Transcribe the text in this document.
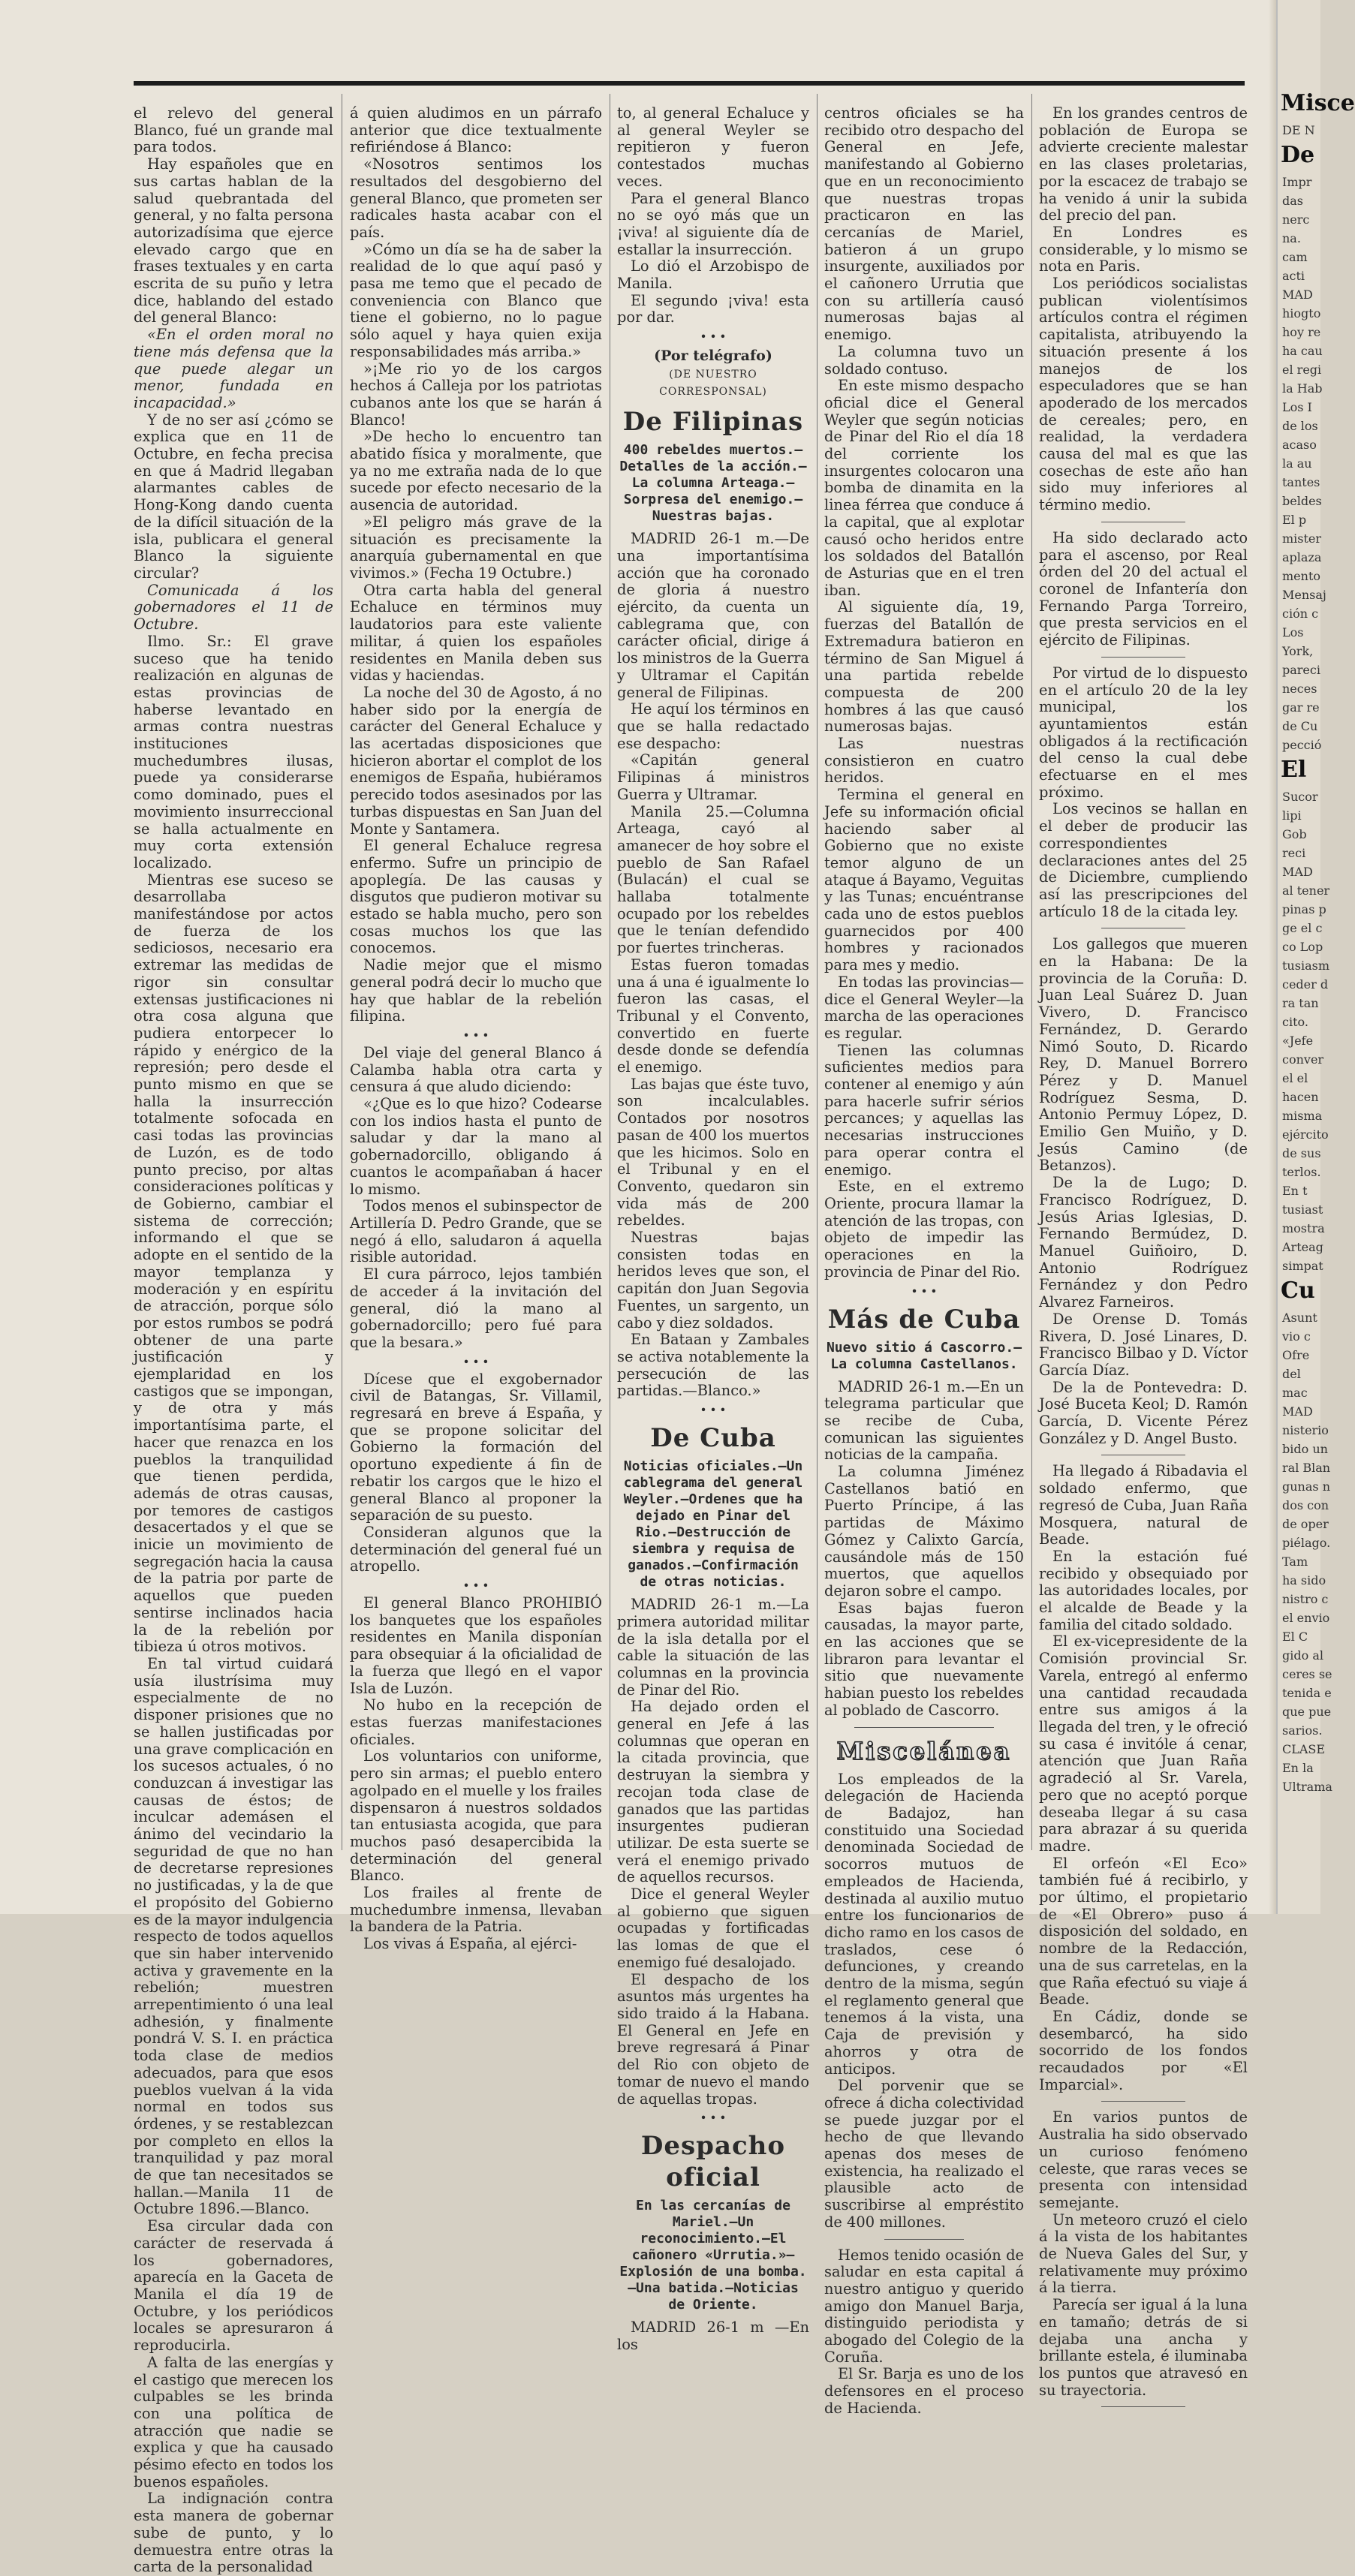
el relevo del general Blanco, fué un grande mal para todos.

Hay españoles que en sus cartas hablan de la salud quebrantada del general, y no falta persona autorizadísima que ejerce elevado cargo que en frases textuales y en carta escrita de su puño y letra dice, hablando del estado del general Blanco:

«En el orden moral no tiene más defensa que la que puede alegar un menor, fundada en incapacidad.»

Y de no ser así ¿cómo se explica que en 11 de Octubre, en fecha precisa en que á Madrid llegaban alarmantes cables de Hong-Kong dando cuenta de la difícil situación de la isla, publicara el general Blanco la siguiente circular?

Comunicada á los gobernadores el 11 de Octubre.

Ilmo. Sr.: El grave suceso que ha tenido realización en algunas de estas provincias de haberse levantado en armas contra nuestras instituciones muchedumbres ilusas, puede ya considerarse como dominado, pues el movimiento insurreccional se halla actualmente en muy corta extensión localizado.

Mientras ese suceso se desarrollaba manifestándose por actos de fuerza de los sediciosos, necesario era extremar las medidas de rigor sin consultar extensas justificaciones ni otra cosa alguna que pudiera entorpecer lo rápido y enérgico de la represión; pero desde el punto mismo en que se halla la insurrección totalmente sofocada en casi todas las provincias de Luzón, es de todo punto preciso, por altas consideraciones políticas y de Gobierno, cambiar el sistema de corrección; informando el que se adopte en el sentido de la mayor templanza y moderación y en espíritu de atracción, porque sólo por estos rumbos se podrá obtener de una parte justificación y ejemplaridad en los castigos que se impongan, y de otra y más importantísima parte, el hacer que renazca en los pueblos la tranquilidad que tienen perdida, además de otras causas, por temores de castigos desacertados y el que se inicie un movimiento de segregación hacia la causa de la patria por parte de aquellos que pueden sentirse inclinados hacia la de la rebelión por tibieza ú otros motivos.

En tal virtud cuidará usía ilustrísima muy especialmente de no disponer prisiones que no se hallen justificadas por una grave complicación en los sucesos actuales, ó no conduzcan á investigar las causas de éstos; de inculcar ademásen el ánimo del vecindario la seguridad de que no han de decretarse represiones no justificadas, y la de que el propósito del Gobierno es de la mayor indulgencia respecto de todos aquellos que sin haber intervenido activa y gravemente en la rebelión; muestren arrepentimiento ó una leal adhesión, y finalmente pondrá V. S. I. en práctica toda clase de medios adecuados, para que esos pueblos vuelvan á la vida normal en todos sus órdenes, y se restablezcan por completo en ellos la tranquilidad y paz moral de que tan necesitados se hallan.—Manila 11 de Octubre 1896.—Blanco.

Esa circular dada con carácter de reservada á los gobernadores, aparecía en la Gaceta de Manila el día 19 de Octubre, y los periódicos locales se apresuraron á reproducirla.

A falta de las energías y el castigo que merecen los culpables se les brinda con una política de atracción que nadie se explica y que ha causado pésimo efecto en todos los buenos españoles.

La indignación contra esta manera de gobernar sube de punto, y lo demuestra entre otras la carta de la personalidad

á quien aludimos en un párrafo anterior que dice textualmente refiriéndose á Blanco:

«Nosotros sentimos los resultados del desgobierno del general Blanco, que prometen ser radicales hasta acabar con el país.

»Cómo un día se ha de saber la realidad de lo que aquí pasó y pasa me temo que el pecado de conveniencia con Blanco que tiene el gobierno, no lo pague sólo aquel y haya quien exija responsabilidades más arriba.»

»¡Me rio yo de los cargos hechos á Calleja por los patriotas cubanos ante los que se harán á Blanco!

»De hecho lo encuentro tan abatido física y moralmente, que ya no me extraña nada de lo que sucede por efecto necesario de la ausencia de autoridad.

»El peligro más grave de la situación es precisamente la anarquía gubernamental en que vivimos.» (Fecha 19 Octubre.)

Otra carta habla del general Echaluce en términos muy laudatorios para este valiente militar, á quien los españoles residentes en Manila deben sus vidas y haciendas.

La noche del 30 de Agosto, á no haber sido por la energía de carácter del General Echaluce y las acertadas disposiciones que hicieron abortar el complot de los enemigos de España, hubiéramos perecido todos asesinados por las turbas dispuestas en San Juan del Monte y Santamera.

El general Echaluce regresa enfermo. Sufre un principio de apoplegía. De las causas y disgutos que pudieron motivar su estado se habla mucho, pero son cosas muchos los que las conocemos.

Nadie mejor que el mismo general podrá decir lo mucho que hay que hablar de la rebelión filipina.

∙ ∙ ∙

Del viaje del general Blanco á Calamba habla otra carta y censura á que aludo diciendo:

«¿Que es lo que hizo? Codearse con los indios hasta el punto de saludar y dar la mano al gobernadorcillo, obligando á cuantos le acompañaban á hacer lo mismo.

Todos menos el subinspector de Artillería D. Pedro Grande, que se negó á ello, saludaron á aquella risible autoridad.

El cura párroco, lejos también de acceder á la invitación del general, dió la mano al gobernadorcillo; pero fué para que la besara.»

∙ ∙ ∙

Dícese que el exgobernador civil de Batangas, Sr. Villamil, regresará en breve á España, y que se propone solicitar del Gobierno la formación del oportuno expediente á fin de rebatir los cargos que le hizo el general Blanco al proponer la separación de su puesto.

Consideran algunos que la determinación del general fué un atropello.

∙ ∙ ∙

El general Blanco PROHIBIÓ los banquetes que los españoles residentes en Manila disponían para obsequiar á la oficialidad de la fuerza que llegó en el vapor Isla de Luzón.

No hubo en la recepción de estas fuerzas manifestaciones oficiales.

Los voluntarios con uniforme, pero sin armas; el pueblo entero agolpado en el muelle y los frailes dispensaron á nuestros soldados tan entusiasta acogida, que para muchos pasó desapercibida la determinación del general Blanco.

Los frailes al frente de muchedumbre inmensa, llevaban la bandera de la Patria.

Los vivas á España, al ejérci-

to, al general Echaluce y al general Weyler se repitieron y fueron contestados muchas veces.

Para el general Blanco no se oyó más que un ¡viva! al siguiente día de estallar la insurrección.

Lo dió el Arzobispo de Manila.

El segundo ¡viva! esta por dar.

∙ ∙ ∙
(Por telégrafo)
(DE NUESTRO CORRESPONSAL)
De Filipinas
400 rebeldes muertos.—Detalles de la acción.—La columna Arteaga.—Sorpresa del enemigo.—Nuestras bajas.

MADRID 26-1 m.—De una importantísima acción que ha coronado de gloria á nuestro ejército, da cuenta un cablegrama que, con carácter oficial, dirige á los ministros de la Guerra y Ultramar el Capitán general de Filipinas.

He aquí los términos en que se halla redactado ese despacho:

«Capitán general Filipinas á ministros Guerra y Ultramar.

Manila 25.—Columna Arteaga, cayó al amanecer de hoy sobre el pueblo de San Rafael (Bulacán) el cual se hallaba totalmente ocupado por los rebeldes que le tenían defendido por fuertes trincheras.

Estas fueron tomadas una á una é igualmente lo fueron las casas, el Tribunal y el Convento, convertido en fuerte desde donde se defendía el enemigo.

Las bajas que éste tuvo, son incalculables. Contados por nosotros pasan de 400 los muertos que les hicimos. Solo en el Tribunal y en el Convento, quedaron sin vida más de 200 rebeldes.

Nuestras bajas consisten todas en heridos leves que son, el capitán don Juan Segovia Fuentes, un sargento, un cabo y diez soldados.

En Bataan y Zambales se activa notablemente la persecución de las partidas.—Blanco.»

∙ ∙ ∙
De Cuba
Noticias oficiales.—Un cablegrama del general Weyler.—Ordenes que ha dejado en Pinar del Rio.—Destrucción de siembra y requisa de ganados.—Confirmación de otras noticias.

MADRID 26-1 m.—La primera autoridad militar de la isla detalla por el cable la situación de las columnas en la provincia de Pinar del Rio.

Ha dejado orden el general en Jefe á las columnas que operan en la citada provincia, que destruyan la siembra y recojan toda clase de ganados que las partidas insurgentes pudieran utilizar. De esta suerte se verá el enemigo privado de aquellos recursos.

Dice el general Weyler al gobierno que siguen ocupadas y fortificadas las lomas de que el enemigo fué desalojado.

El despacho de los asuntos más urgentes ha sido traido á la Habana. El General en Jefe en breve regresará á Pinar del Rio con objeto de tomar de nuevo el mando de aquellas tropas.

∙ ∙ ∙
Despacho oficial
En las cercanías de Mariel.—Un reconocimiento.—El cañonero «Urrutia.»—Explosión de una bomba.—Una batida.—Noticias de Oriente.

MADRID 26-1 m —En los

centros oficiales se ha recibido otro despacho del General en Jefe, manifestando al Gobierno que en un reconocimiento que nuestras tropas practicaron en las cercanías de Mariel, batieron á un grupo insurgente, auxiliados por el cañonero Urrutia que con su artillería causó numerosas bajas al enemigo.

La columna tuvo un soldado contuso.

En este mismo despacho oficial dice el General Weyler que según noticias de Pinar del Rio el día 18 del corriente los insurgentes colocaron una bomba de dinamita en la linea férrea que conduce á la capital, que al explotar causó ocho heridos entre los soldados del Batallón de Asturias que en el tren iban.

Al siguiente día, 19, fuerzas del Batallón de Extremadura batieron en término de San Miguel á una partida rebelde compuesta de 200 hombres á las que causó numerosas bajas.

Las nuestras consistieron en cuatro heridos.

Termina el general en Jefe su información oficial haciendo saber al Gobierno que no existe temor alguno de un ataque á Bayamo, Veguitas y las Tunas; encuéntranse cada uno de estos pueblos guarnecidos por 400 hombres y racionados para mes y medio.

En todas las provincias—dice el General Weyler—la marcha de las operaciones es regular.

Tienen las columnas suficientes medios para contener al enemigo y aún para hacerle sufrir sérios percances; y aquellas las necesarias instrucciones para operar contra el enemigo.

Este, en el extremo Oriente, procura llamar la atención de las tropas, con objeto de impedir las operaciones en la provincia de Pinar del Rio.

∙ ∙ ∙
Más de Cuba
Nuevo sitio á Cascorro.—La columna Castellanos.

MADRID 26-1 m.—En un telegrama particular que se recibe de Cuba, comunican las siguientes noticias de la campaña.

La columna Jiménez Castellanos batió en Puerto Príncipe, á las partidas de Máximo Gómez y Calixto García, causándole más de 150 muertos, que aquellos dejaron sobre el campo.

Esas bajas fueron causadas, la mayor parte, en las acciones que se libraron para levantar el sitio que nuevamente habian puesto los rebeldes al poblado de Cascorro.

Miscelánea

Los empleados de la delegación de Hacienda de Badajoz, han constituido una Sociedad denominada Sociedad de socorros mutuos de empleados de Hacienda, destinada al auxilio mutuo entre los funcionarios de dicho ramo en los casos de traslados, cese ó defunciones, y creando dentro de la misma, según el reglamento general que tenemos á la vista, una Caja de previsión y ahorros y otra de anticipos.

Del porvenir que se ofrece á dicha colectividad se puede juzgar por el hecho de que llevando apenas dos meses de existencia, ha realizado el plausible acto de suscribirse al empréstito de 400 millones.

Hemos tenido ocasión de saludar en esta capital á nuestro antiguo y querido amigo don Manuel Barja, distinguido periodista y abogado del Colegio de la Coruña.

El Sr. Barja es uno de los defensores en el proceso de Hacienda.

En los grandes centros de población de Europa se advierte creciente malestar en las clases proletarias, por la escacez de trabajo se ha venido á unir la subida del precio del pan.

En Londres es considerable, y lo mismo se nota en Paris.

Los periódicos socialistas publican violentísimos artículos contra el régimen capitalista, atribuyendo la situación presente á los manejos de los especuladores que se han apoderado de los mercados de cereales; pero, en realidad, la verdadera causa del mal es que las cosechas de este año han sido muy inferiores al término medio.

Ha sido declarado acto para el ascenso, por Real órden del 20 del actual el coronel de Infantería don Fernando Parga Torreiro, que presta servicios en el ejército de Filipinas.

Por virtud de lo dispuesto en el artículo 20 de la ley municipal, los ayuntamientos están obligados á la rectificación del censo la cual debe efectuarse en el mes próximo.

Los vecinos se hallan en el deber de producir las correspondientes declaraciones antes del 25 de Diciembre, cumpliendo así las prescripciones del artículo 18 de la citada ley.

Los gallegos que mueren en la Habana: De la provincia de la Coruña: D. Juan Leal Suárez D. Juan Vivero, D. Francisco Fernández, D. Gerardo Nimó Souto, D. Ricardo Rey, D. Manuel Borrero Pérez y D. Manuel Rodríguez Sesma, D. Antonio Permuy López, D. Emilio Gen Muiño, y D. Jesús Camino (de Betanzos).

De la de Lugo; D. Francisco Rodríguez, D. Jesús Arias Iglesias, D. Fernando Bermúdez, D. Manuel Guiñoiro, D. Antonio Rodríguez Fernández y don Pedro Alvarez Farneiros.

De Orense D. Tomás Rivera, D. José Linares, D. Francisco Bilbao y D. Víctor García Díaz.

De la de Pontevedra: D. José Buceta Keol; D. Ramón García, D. Vicente Pérez González y D. Angel Busto.

Ha llegado á Ribadavia el soldado enfermo, que regresó de Cuba, Juan Raña Mosquera, natural de Beade.

En la estación fué recibido y obsequiado por las autoridades locales, por el alcalde de Beade y la familia del citado soldado.

El ex-vicepresidente de la Comisión provincial Sr. Varela, entregó al enfermo una cantidad recaudada entre sus amigos á la llegada del tren, y le ofreció su casa é invitóle á cenar, atención que Juan Raña agradeció al Sr. Varela, pero que no aceptó porque deseaba llegar á su casa para abrazar á su querida madre.

El orfeón «El Eco» también fué á recibirlo, y por último, el propietario de «El Obrero» puso á disposición del soldado, en nombre de la Redacción, una de sus carretelas, en la que Raña efectuó su viaje á Beade.

En Cádiz, donde se desembarcó, ha sido socorrido de los fondos recaudados por «El Imparcial».

En varios puntos de Australia ha sido observado un curioso fenómeno celeste, que raras veces se presenta con intensidad semejante.

Un meteoro cruzó el cielo á la vista de los habitantes de Nueva Gales del Sur, y relativamente muy próximo á la tierra.

Parecía ser igual á la luna en tamaño; detrás de si dejaba una ancha y brillante estela, é iluminaba los puntos que atravesó en su trayectoria.

Misce
DE N
De
Impr
das
nerc
na.
cam
acti
MAD
hiogto
hoy re
ha cau
el regi
la Hab
Los I
de los
acaso
la au
tantes
beldes
El p
mister
aplaza
mento
Mensaj
ción c
Los
York,
pareci
neces
gar re
de Cu
pecció
El
Sucor
lipi
Gob
reci
MAD
al tener
pinas p
ge el c
co Lop
tusiasm
ceder d
ra tan
cito.
«Jefe
conver
el el
hacen
misma
ejército
de sus
terlos.
En t
tusiast
mostra
Arteag
simpat
Cu
Asunt
vio c
Ofre
del
mac
MAD
nisterio
bido un
ral Blan
gunas n
dos con
de oper
piélago.
Tam
ha sido
nistro c
el envio
El C
gido al
ceres se
tenida e
que pue
sarios.
CLASE
En la
Ultrama
